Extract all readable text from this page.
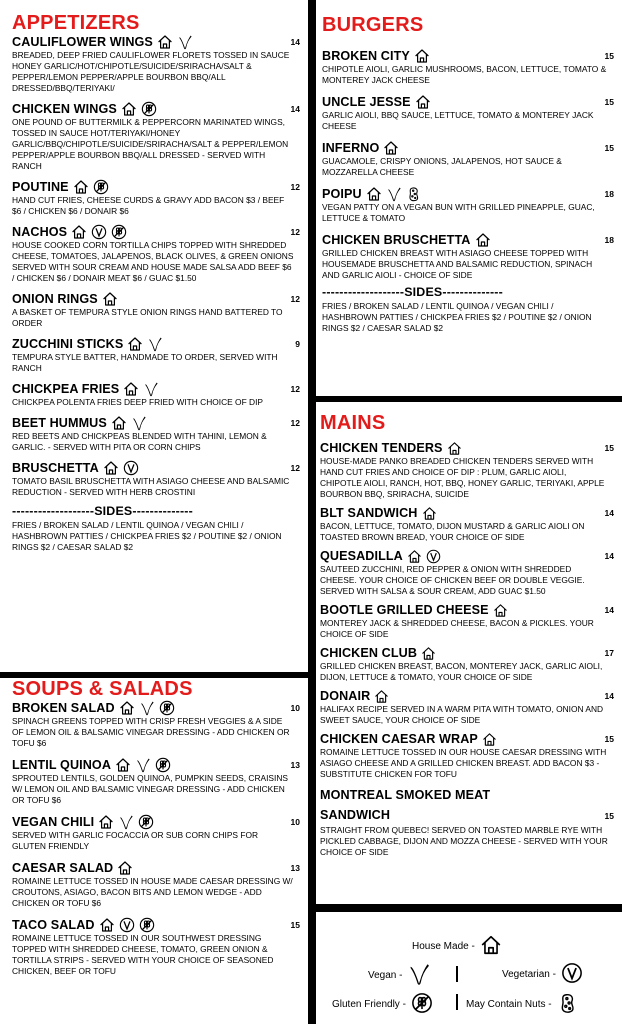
APPETIZERS
CAULIFLOWER WINGS	14
BREADED, DEEP FRIED CAULIFLOWER FLORETS TOSSED IN SAUCE HONEY GARLIC/HOT/CHIPOTLE/SUICIDE/SRIRACHA/SALT & PEPPER/LEMON PEPPER/APPLE BOURBON BBQ/ALL DRESSED/BBQ/TERIYAKI/
CHICKEN WINGS	14
ONE POUND OF BUTTERMILK & PEPPERCORN MARINATED WINGS, TOSSED IN SAUCE HOT/TERIYAKI/HONEY GARLIC/BBQ/CHIPOTLE/SUICIDE/SRIRACHA/SALT & PEPPER/LEMON PEPPER/APPLE BOURBON BBQ/ALL DRESSED - SERVED WITH RANCH
POUTINE	12
HAND CUT FRIES, CHEESE CURDS & GRAVY ADD BACON $3 / BEEF $6 / CHICKEN $6 / DONAIR $6
NACHOS	12
HOUSE COOKED CORN TORTILLA CHIPS TOPPED WITH SHREDDED CHEESE, TOMATOES, JALAPENOS, BLACK OLIVES, & GREEN ONIONS SERVED WITH SOUR CREAM AND HOUSE MADE SALSA ADD BEEF $6 / CHICKEN $6 / DONAIR MEAT $6 / GUAC $1.50
ONION RINGS	12
A BASKET OF TEMPURA STYLE ONION RINGS HAND BATTERED TO ORDER
ZUCCHINI STICKS	9
TEMPURA STYLE BATTER, HANDMADE TO ORDER, SERVED WITH RANCH
CHICKPEA FRIES	12
CHICKPEA POLENTA FRIES DEEP FRIED WITH CHOICE OF DIP
BEET HUMMUS	12
RED BEETS AND CHICKPEAS BLENDED WITH TAHINI, LEMON & GARLIC. - SERVED WITH PITA OR CORN CHIPS
BRUSCHETTA	12
TOMATO BASIL BRUSCHETTA WITH ASIAGO CHEESE AND BALSAMIC REDUCTION - SERVED WITH HERB CROSTINI
-------------------SIDES--------------
FRIES / BROKEN SALAD / LENTIL QUINOA / VEGAN CHILI / HASHBROWN PATTIES / CHICKPEA FRIES $2 / POUTINE $2 / ONION RINGS $2 / CAESAR SALAD $2
SOUPS & SALADS
BROKEN SALAD	10
SPINACH GREENS TOPPED WITH CRISP FRESH VEGGIES & A SIDE OF LEMON OIL & BALSAMIC VINEGAR DRESSING - ADD CHICKEN OR TOFU $6
LENTIL QUINOA	13
SPROUTED LENTILS, GOLDEN QUINOA, PUMPKIN SEEDS, CRAISINS W/ LEMON OIL AND BALSAMIC VINEGAR DRESSING - ADD CHICKEN OR TOFU $6
VEGAN CHILI	10
SERVED WITH GARLIC FOCACCIA OR SUB CORN CHIPS FOR GLUTEN FRIENDLY
CAESAR SALAD	13
ROMAINE LETTUCE TOSSED IN HOUSE MADE CAESAR DRESSING W/ CROUTONS, ASIAGO, BACON BITS AND LEMON WEDGE - ADD CHICKEN OR TOFU $6
TACO SALAD	15
ROMAINE LETTUCE TOSSED IN OUR SOUTHWEST DRESSING TOPPED WITH SHREDDED CHEESE, TOMATO, GREEN ONION & TORTILLA STRIPS - SERVED WITH YOUR CHOICE OF SEASONED CHICKEN, BEEF OR TOFU
BURGERS
BROKEN CITY	15
CHIPOTLE AIOLI, GARLIC MUSHROOMS, BACON, LETTUCE, TOMATO & MONTEREY JACK CHEESE
UNCLE JESSE	15
GARLIC AIOLI, BBQ SAUCE, LETTUCE, TOMATO & MONTEREY JACK CHEESE
INFERNO	15
GUACAMOLE, CRISPY ONIONS, JALAPENOS, HOT SAUCE & MOZZARELLA CHEESE
POIPU	18
VEGAN PATTY ON A VEGAN BUN WITH GRILLED PINEAPPLE, GUAC, LETTUCE & TOMATO
CHICKEN BRUSCHETTA	18
GRILLED CHICKEN BREAST WITH ASIAGO CHEESE TOPPED WITH HOUSEMADE BRUSCHETTA AND BALSAMIC REDUCTION, SPINACH AND GARLIC AIOLI - CHOICE OF SIDE
-------------------SIDES--------------
FRIES / BROKEN SALAD / LENTIL QUINOA / VEGAN CHILI / HASHBROWN PATTIES / CHICKPEA FRIES $2 / POUTINE $2 / ONION RINGS $2 / CAESAR SALAD $2
MAINS
CHICKEN TENDERS	15
HOUSE-MADE PANKO BREADED CHICKEN TENDERS SERVED WITH HAND CUT FRIES AND CHOICE OF DIP : PLUM, GARLIC AIOLI, CHIPOTLE AIOLI, RANCH, HOT, BBQ, HONEY GARLIC, TERIYAKI, APPLE BOURBON BBQ, SRIRACHA, SUICIDE
BLT SANDWICH	14
BACON, LETTUCE, TOMATO, DIJON MUSTARD & GARLIC AIOLI ON TOASTED BROWN BREAD, YOUR CHOICE OF SIDE
QUESADILLA	14
SAUTEED ZUCCHINI, RED PEPPER & ONION WITH SHREDDED CHEESE. YOUR CHOICE OF CHICKEN BEEF OR DOUBLE VEGGIE. SERVED WITH SALSA & SOUR CREAM, ADD GUAC $1.50
BOOTLE GRILLED CHEESE	14
MONTEREY JACK & SHREDDED CHEESE, BACON & PICKLES. YOUR CHOICE OF SIDE
CHICKEN CLUB	17
GRILLED CHICKEN BREAST, BACON, MONTEREY JACK, GARLIC AIOLI, DIJON, LETTUCE & TOMATO, YOUR CHOICE OF SIDE
DONAIR	14
HALIFAX RECIPE SERVED IN A WARM PITA WITH TOMATO, ONION AND SWEET SAUCE, YOUR CHOICE OF SIDE
CHICKEN CAESAR WRAP	15
ROMAINE LETTUCE TOSSED IN OUR HOUSE CAESAR DRESSING WITH ASIAGO CHEESE AND A GRILLED CHICKEN BREAST. ADD BACON $3 - SUBSTITUTE CHICKEN FOR TOFU
MONTREAL SMOKED MEAT SANDWICH	15
STRAIGHT FROM QUEBEC! SERVED ON TOASTED MARBLE RYE WITH PICKLED CABBAGE, DIJON AND MOZZA CHEESE - SERVED WITH YOUR CHOICE OF SIDE
House Made -
Vegan -	Vegetarian -
Gluten Friendly -	May Contain Nuts -
